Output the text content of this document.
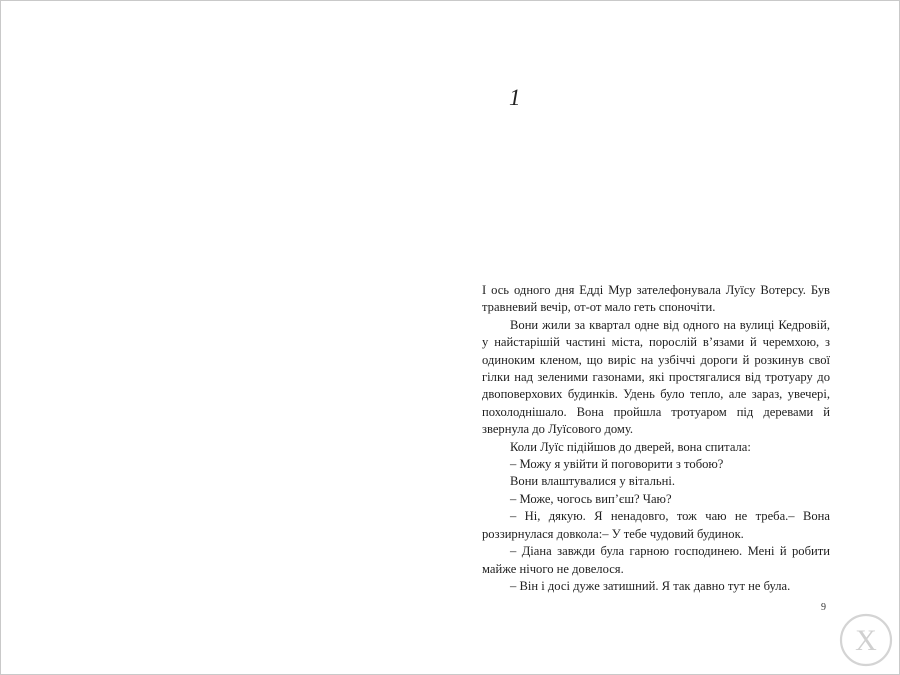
1

І ось одного дня Едді Мур зателефонувала Луїсу Вотерсу. Був травневий вечір, от-от мало геть споночіти.

Вони жили за квартал одне від одного на вулиці Кедровій, у найстарішій частині міста, порослій в’язами й черемхою, з одиноким кленом, що виріс на узбіччі дороги й розкинув свої гілки над зеленими газонами, які простягалися від тротуару до двоповерхових будинків. Удень було тепло, але зараз, увечері, похолоднішало. Вона пройшла тротуаром під деревами й звернула до Луїсового дому.

Коли Луїс підійшов до дверей, вона спитала:

– Можу я увійти й поговорити з тобою?

Вони влаштувалися у вітальні.

– Може, чогось вип’єш? Чаю?

– Ні, дякую. Я ненадовго, тож чаю не треба.– Вона роззирнулася довкола:– У тебе чудовий будинок.

– Діана завжди була гарною господинею. Мені й робити майже нічого не довелося.

– Він і досі дуже затишний. Я так давно тут не була.

9
X
